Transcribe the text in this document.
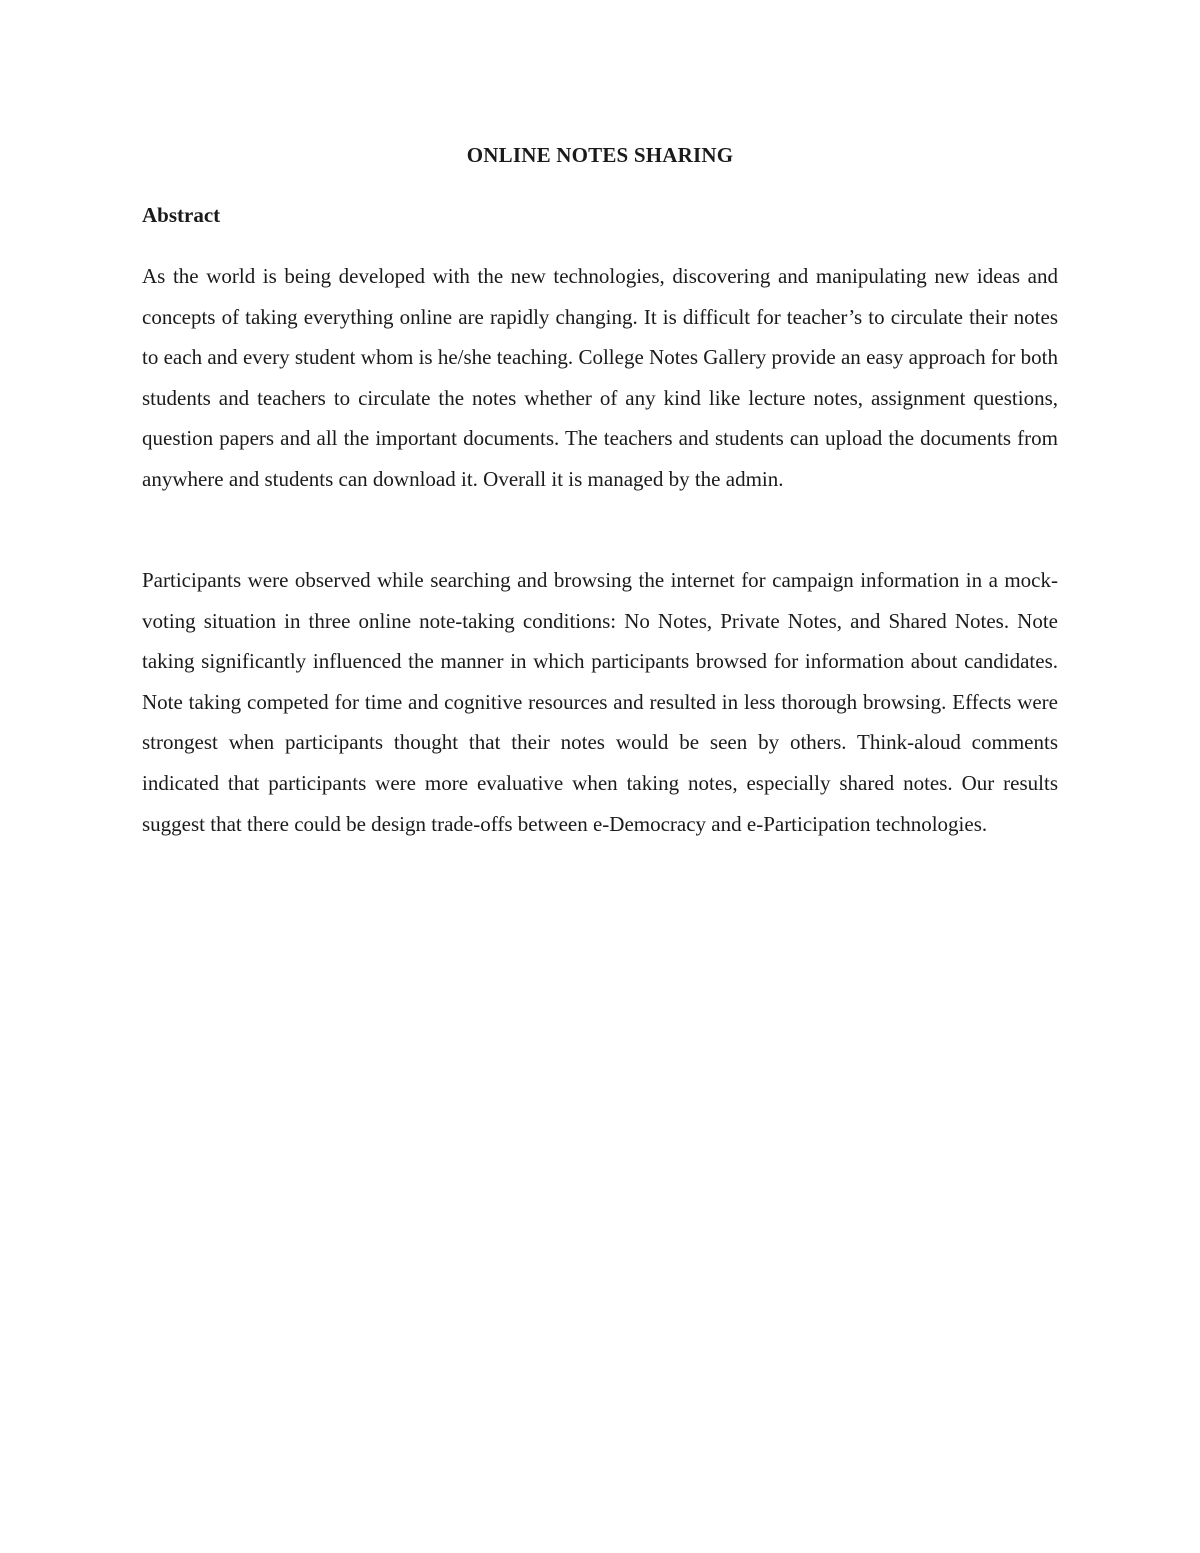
ONLINE NOTES SHARING
Abstract

As the world is being developed with the new technologies, discovering and manipulating new ideas and concepts of taking everything online are rapidly changing. It is difficult for teacher’s to circulate their notes to each and every student whom is he/she teaching. College Notes Gallery provide an easy approach for both students and teachers to circulate the notes whether of any kind like lecture notes, assignment questions, question papers and all the important documents. The teachers and students can upload the documents from anywhere and students can download it. Overall it is managed by the admin.

Participants were observed while searching and browsing the internet for campaign information in a mock-voting situation in three online note-taking conditions: No Notes, Private Notes, and Shared Notes. Note taking significantly influenced the manner in which participants browsed for information about candidates. Note taking competed for time and cognitive resources and resulted in less thorough browsing. Effects were strongest when participants thought that their notes would be seen by others. Think-aloud comments indicated that participants were more evaluative when taking notes, especially shared notes. Our results suggest that there could be design trade-offs between e-Democracy and e-Participation technologies.
